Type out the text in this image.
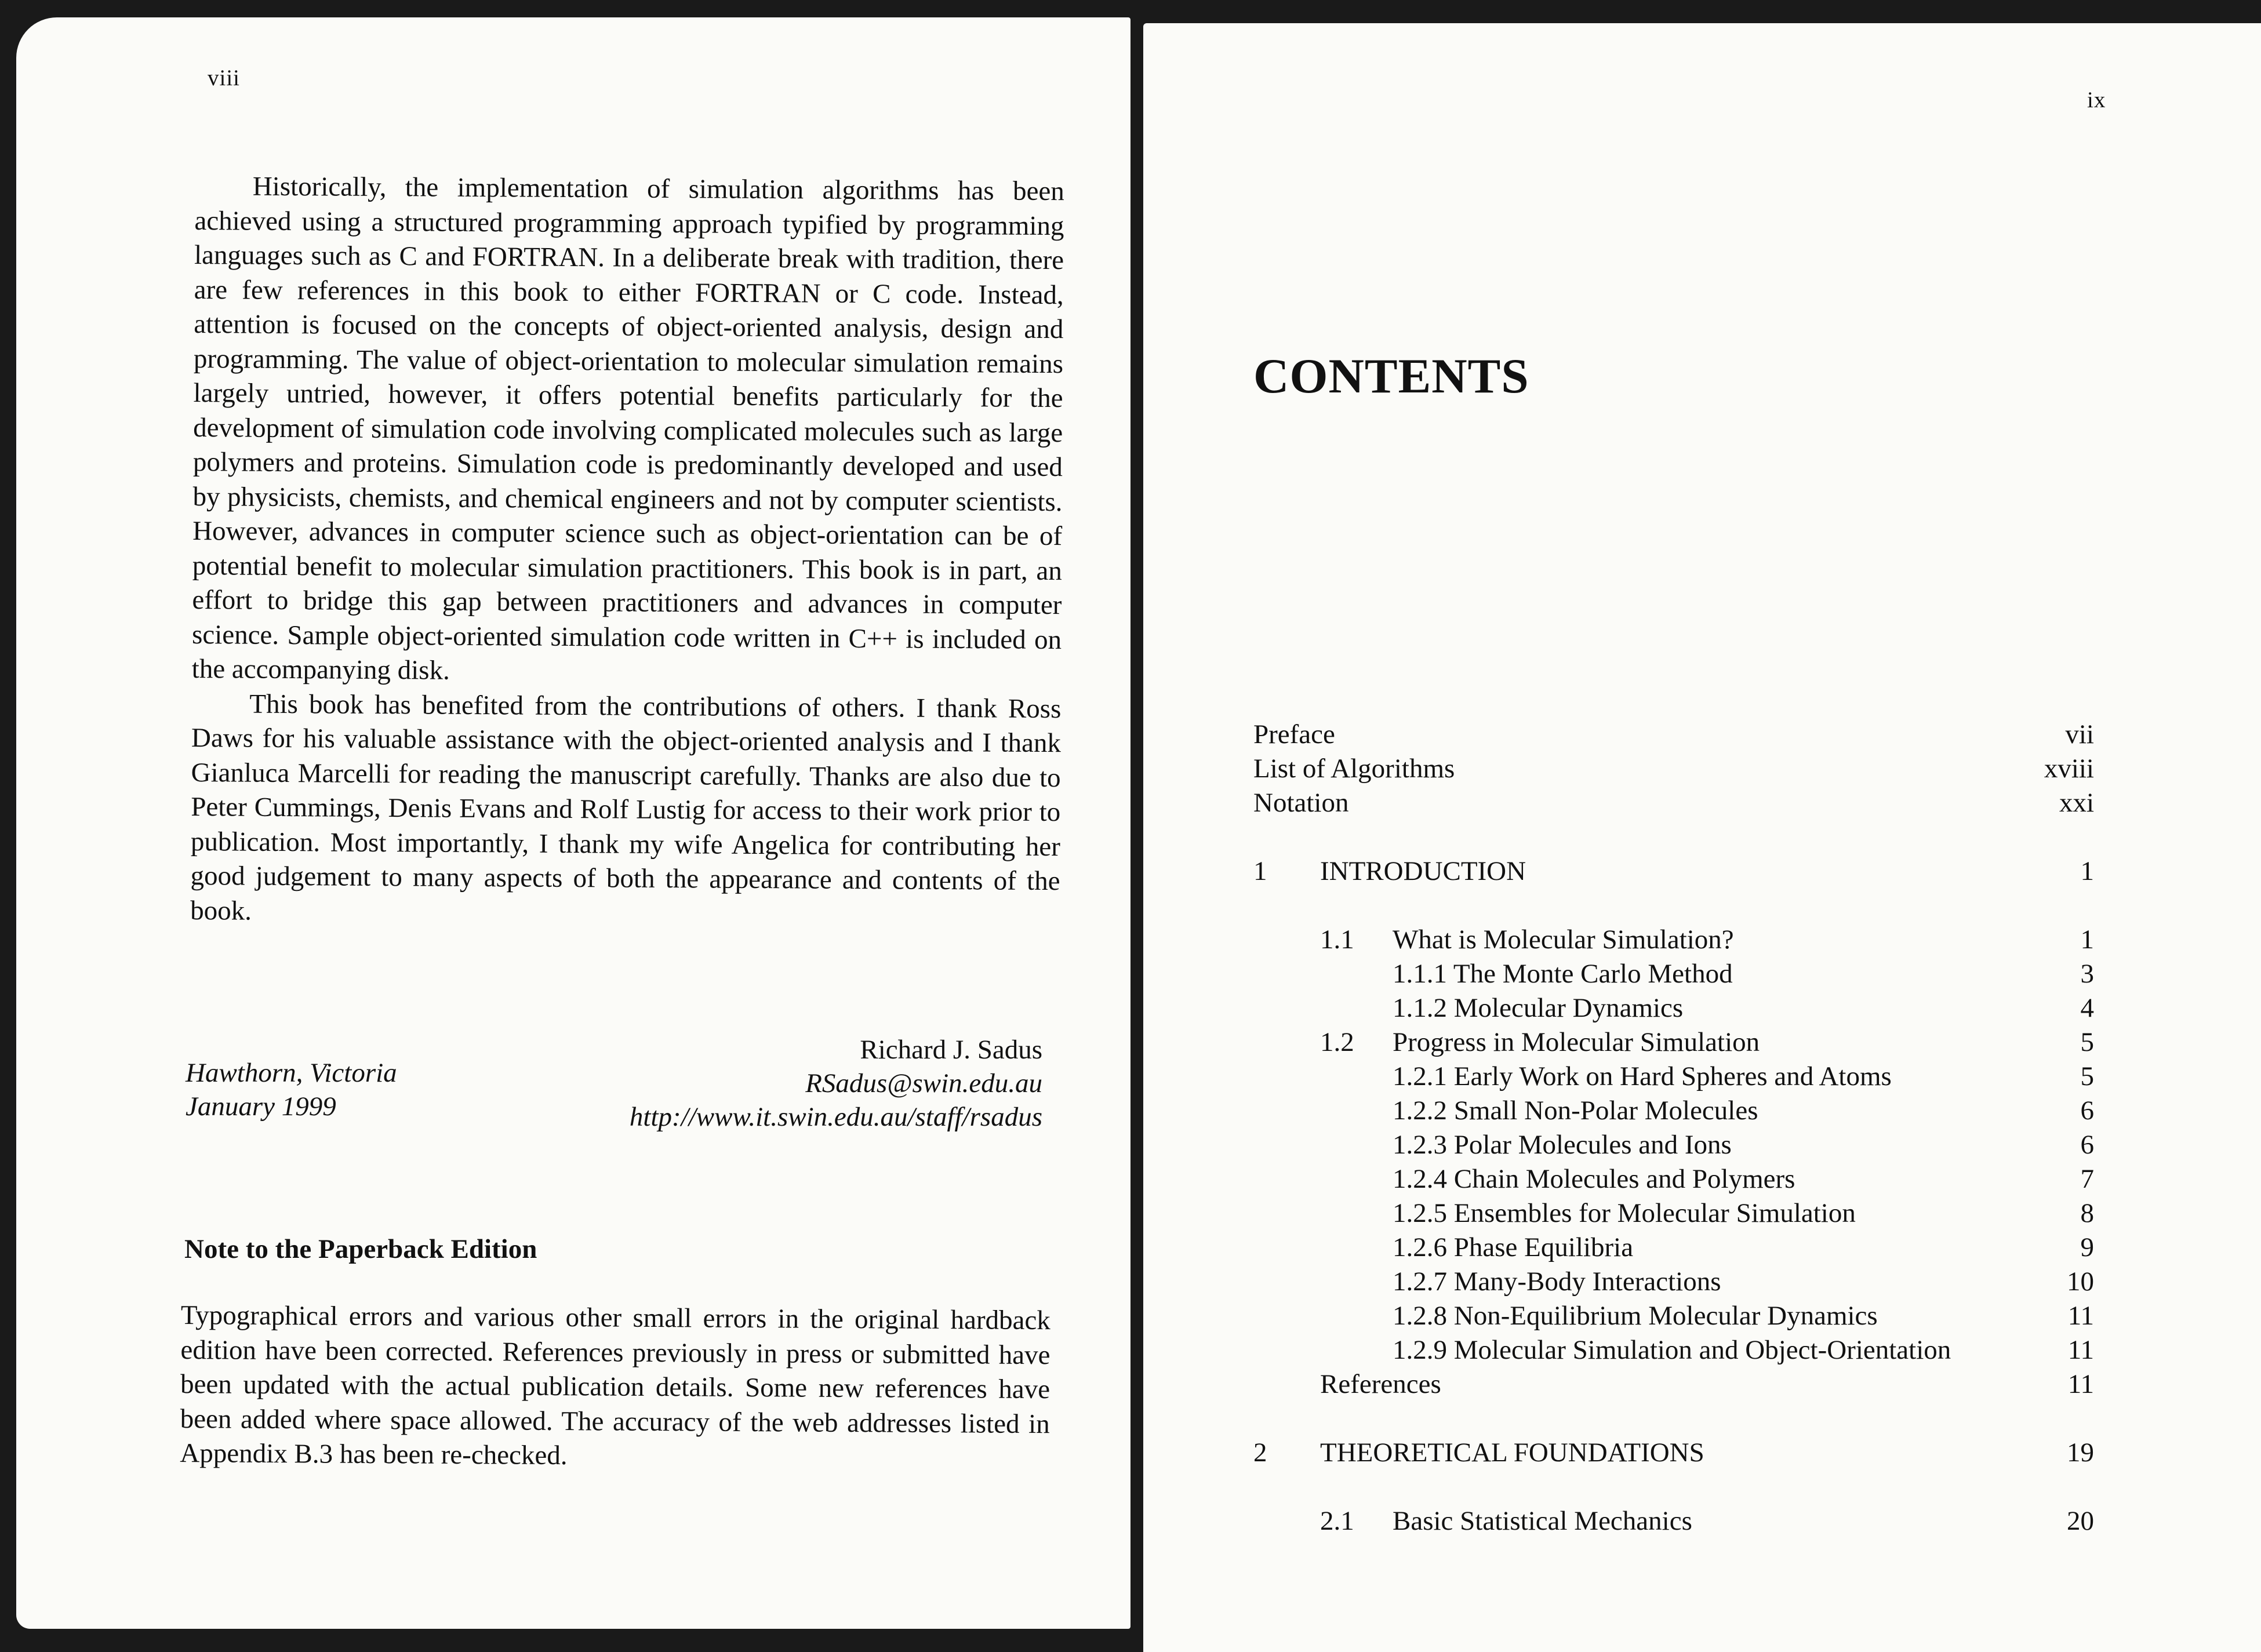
viii

Historically, the implementation of simulation algorithms has been achieved using a structured programming approach typified by programming languages such as C and FORTRAN. In a deliberate break with tradition, there are few references in this book to either FORTRAN or C code. Instead, attention is focused on the concepts of object-oriented analysis, design and programming. The value of object-orientation to molecular simulation remains largely untried, however, it offers potential benefits particularly for the development of simulation code involving complicated molecules such as large polymers and proteins. Simulation code is predominantly developed and used by physicists, chemists, and chemical engineers and not by computer scientists. However, advances in computer science such as object-orientation can be of potential benefit to molecular simulation practitioners. This book is in part, an effort to bridge this gap between practitioners and advances in computer science. Sample object-oriented simulation code written in C++ is included on the accompanying disk.

This book has benefited from the contributions of others. I thank Ross Daws for his valuable assistance with the object-oriented analysis and I thank Gianluca Marcelli for reading the manuscript carefully. Thanks are also due to Peter Cummings, Denis Evans and Rolf Lustig for access to their work prior to publication. Most importantly, I thank my wife Angelica for contributing her good judgement to many aspects of both the appearance and contents of the book.

Hawthorn, Victoria
January 1999
Richard J. Sadus
RSadus@swin.edu.au
http://www.it.swin.edu.au/staff/rsadus
Note to the Paperback Edition

Typographical errors and various other small errors in the original hardback edition have been corrected. References previously in press or submitted have been updated with the actual publication details. Some new references have been added where space allowed. The accuracy of the web addresses listed in Appendix B.3 has been re-checked.

ix
CONTENTS
Preface	vii
List of Algorithms	xviii
Notation	xxi
1 INTRODUCTION	1
1.1 What is Molecular Simulation?	1
1.1.1 The Monte Carlo Method	3
1.1.2 Molecular Dynamics	4
1.2 Progress in Molecular Simulation	5
1.2.1 Early Work on Hard Spheres and Atoms	5
1.2.2 Small Non-Polar Molecules	6
1.2.3 Polar Molecules and Ions	6
1.2.4 Chain Molecules and Polymers	7
1.2.5 Ensembles for Molecular Simulation	8
1.2.6 Phase Equilibria	9
1.2.7 Many-Body Interactions	10
1.2.8 Non-Equilibrium Molecular Dynamics	11
1.2.9 Molecular Simulation and Object-Orientation	11
References	11
2 THEORETICAL FOUNDATIONS	19
2.1 Basic Statistical Mechanics	20
